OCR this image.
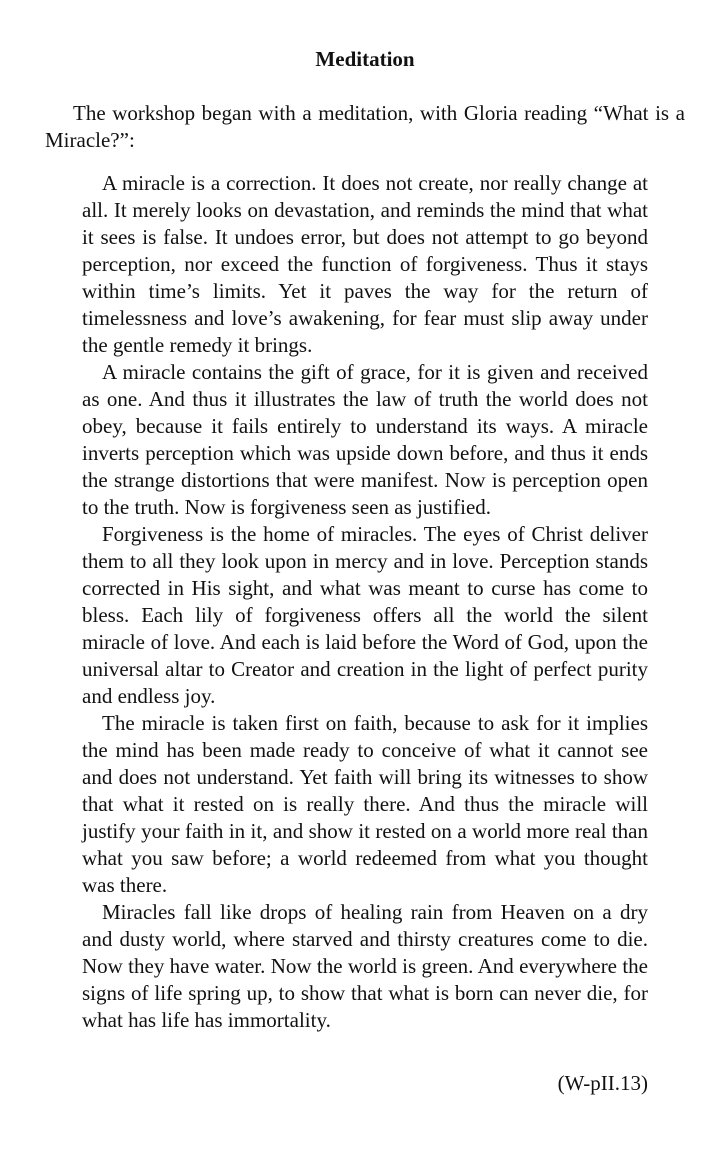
Meditation

The workshop began with a meditation, with Gloria reading “What is a Miracle?”:

A miracle is a correction. It does not create, nor really change at all. It merely looks on devastation, and reminds the mind that what it sees is false. It undoes error, but does not attempt to go beyond perception, nor exceed the function of forgiveness. Thus it stays within time’s limits. Yet it paves the way for the return of timelessness and love’s awakening, for fear must slip away under the gentle remedy it brings.

A miracle contains the gift of grace, for it is given and received as one. And thus it illustrates the law of truth the world does not obey, because it fails entirely to understand its ways. A miracle inverts perception which was upside down before, and thus it ends the strange distortions that were manifest. Now is perception open to the truth. Now is forgiveness seen as justified.

Forgiveness is the home of miracles. The eyes of Christ deliver them to all they look upon in mercy and in love. Perception stands corrected in His sight, and what was meant to curse has come to bless. Each lily of forgiveness offers all the world the silent miracle of love. And each is laid before the Word of God, upon the universal altar to Creator and creation in the light of perfect purity and endless joy.

The miracle is taken first on faith, because to ask for it implies the mind has been made ready to conceive of what it cannot see and does not understand. Yet faith will bring its witnesses to show that what it rested on is really there. And thus the miracle will justify your faith in it, and show it rested on a world more real than what you saw before; a world redeemed from what you thought was there.

Miracles fall like drops of healing rain from Heaven on a dry and dusty world, where starved and thirsty creatures come to die. Now they have water. Now the world is green. And everywhere the signs of life spring up, to show that what is born can never die, for what has life has immortality.

(W-pII.13)
